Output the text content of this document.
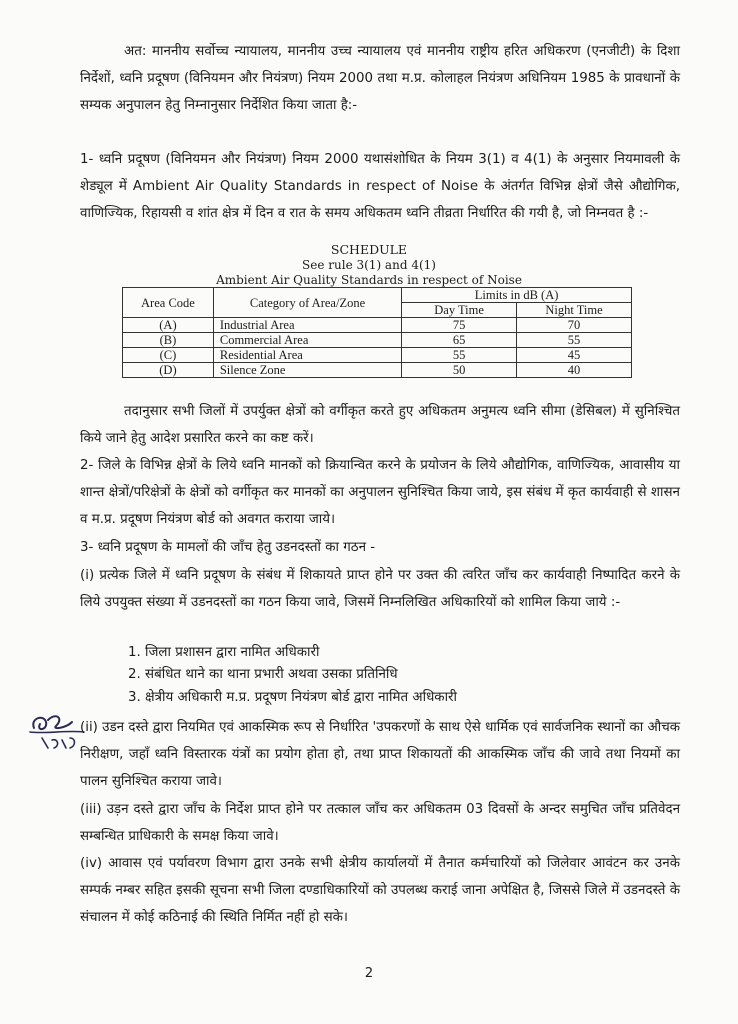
अत: माननीय सर्वोच्च न्यायालय, माननीय उच्च न्यायालय एवं माननीय राष्ट्रीय हरित अधिकरण (एनजीटी) के दिशा निर्देशों, ध्वनि प्रदूषण (विनियमन और नियंत्रण) नियम 2000 तथा म.प्र. कोलाहल नियंत्रण अधिनियम 1985 के प्रावधानों के सम्यक अनुपालन हेतु निम्नानुसार निर्देशित किया जाता है:-

1- ध्वनि प्रदूषण (विनियमन और नियंत्रण) नियम 2000 यथासंशोधित के नियम 3(1) व 4(1) के अनुसार नियमावली के शेड्यूल में Ambient Air Quality Standards in respect of Noise के अंतर्गत विभिन्न क्षेत्रों जैसे औद्योगिक, वाणिज्यिक, रिहायसी व शांत क्षेत्र में दिन व रात के समय अधिकतम ध्वनि तीव्रता निर्धारित की गयी है, जो निम्नवत है :-

SCHEDULE
See rule 3(1) and 4(1)
Ambient Air Quality Standards in respect of Noise
Area Code	Category of Area/Zone	Limits in dB (A)	
		Day Time	Night Time
(A)	Industrial Area	75	70
(B)	Commercial Area	65	55
(C)	Residential Area	55	45
(D)	Silence Zone	50	40

तदानुसार सभी जिलों में उपर्युक्त क्षेत्रों को वर्गीकृत करते हुए अधिकतम अनुमत्य ध्वनि सीमा (डेसिबल) में सुनिश्चित किये जाने हेतु आदेश प्रसारित करने का कष्ट करें।

2- जिले के विभिन्न क्षेत्रों के लिये ध्वनि मानकों को क्रियान्वित करने के प्रयोजन के लिये औद्योगिक, वाणिज्यिक, आवासीय या शान्त क्षेत्रों/परिक्षेत्रों के क्षेत्रों को वर्गीकृत कर मानकों का अनुपालन सुनिश्चित किया जाये, इस संबंध में कृत कार्यवाही से शासन व म.प्र. प्रदूषण नियंत्रण बोर्ड को अवगत कराया जाये।

3- ध्वनि प्रदूषण के मामलों की जाँच हेतु उडनदस्तों का गठन -

(i) प्रत्येक जिले में ध्वनि प्रदूषण के संबंध में शिकायते प्राप्त होने पर उक्त की त्वरित जाँच कर कार्यवाही निष्पादित करने के लिये उपयुक्त संख्या में उडनदस्तों का गठन किया जावे, जिसमें निम्नलिखित अधिकारियों को शामिल किया जाये :-

1. जिला प्रशासन द्वारा नामित अधिकारी

2. संबंधित थाने का थाना प्रभारी अथवा उसका प्रतिनिधि

3. क्षेत्रीय अधिकारी म.प्र. प्रदूषण नियंत्रण बोर्ड द्वारा नामित अधिकारी

(ii) उडन दस्ते द्वारा नियमित एवं आकस्मिक रूप से निर्धारित 'उपकरणों के साथ ऐसे धार्मिक एवं सार्वजनिक स्थानों का औचक निरीक्षण, जहाँ ध्वनि विस्तारक यंत्रों का प्रयोग होता हो, तथा प्राप्त शिकायतों की आकस्मिक जाँच की जावे तथा नियमों का पालन सुनिश्चित कराया जावे।

(iii) उड़न दस्ते द्वारा जाँच के निर्देश प्राप्त होने पर तत्काल जाँच कर अधिकतम 03 दिवसों के अन्दर समुचित जाँच प्रतिवेदन सम्बन्धित प्राधिकारी के समक्ष किया जावे।

(iv) आवास एवं पर्यावरण विभाग द्वारा उनके सभी क्षेत्रीय कार्यालयों में तैनात कर्मचारियों को जिलेवार आवंटन कर उनके सम्पर्क नम्बर सहित इसकी सूचना सभी जिला दण्डाधिकारियों को उपलब्ध कराई जाना अपेक्षित है, जिससे जिले में उडनदस्ते के संचालन में कोई कठिनाई की स्थिति निर्मित नहीं हो सके।

2
